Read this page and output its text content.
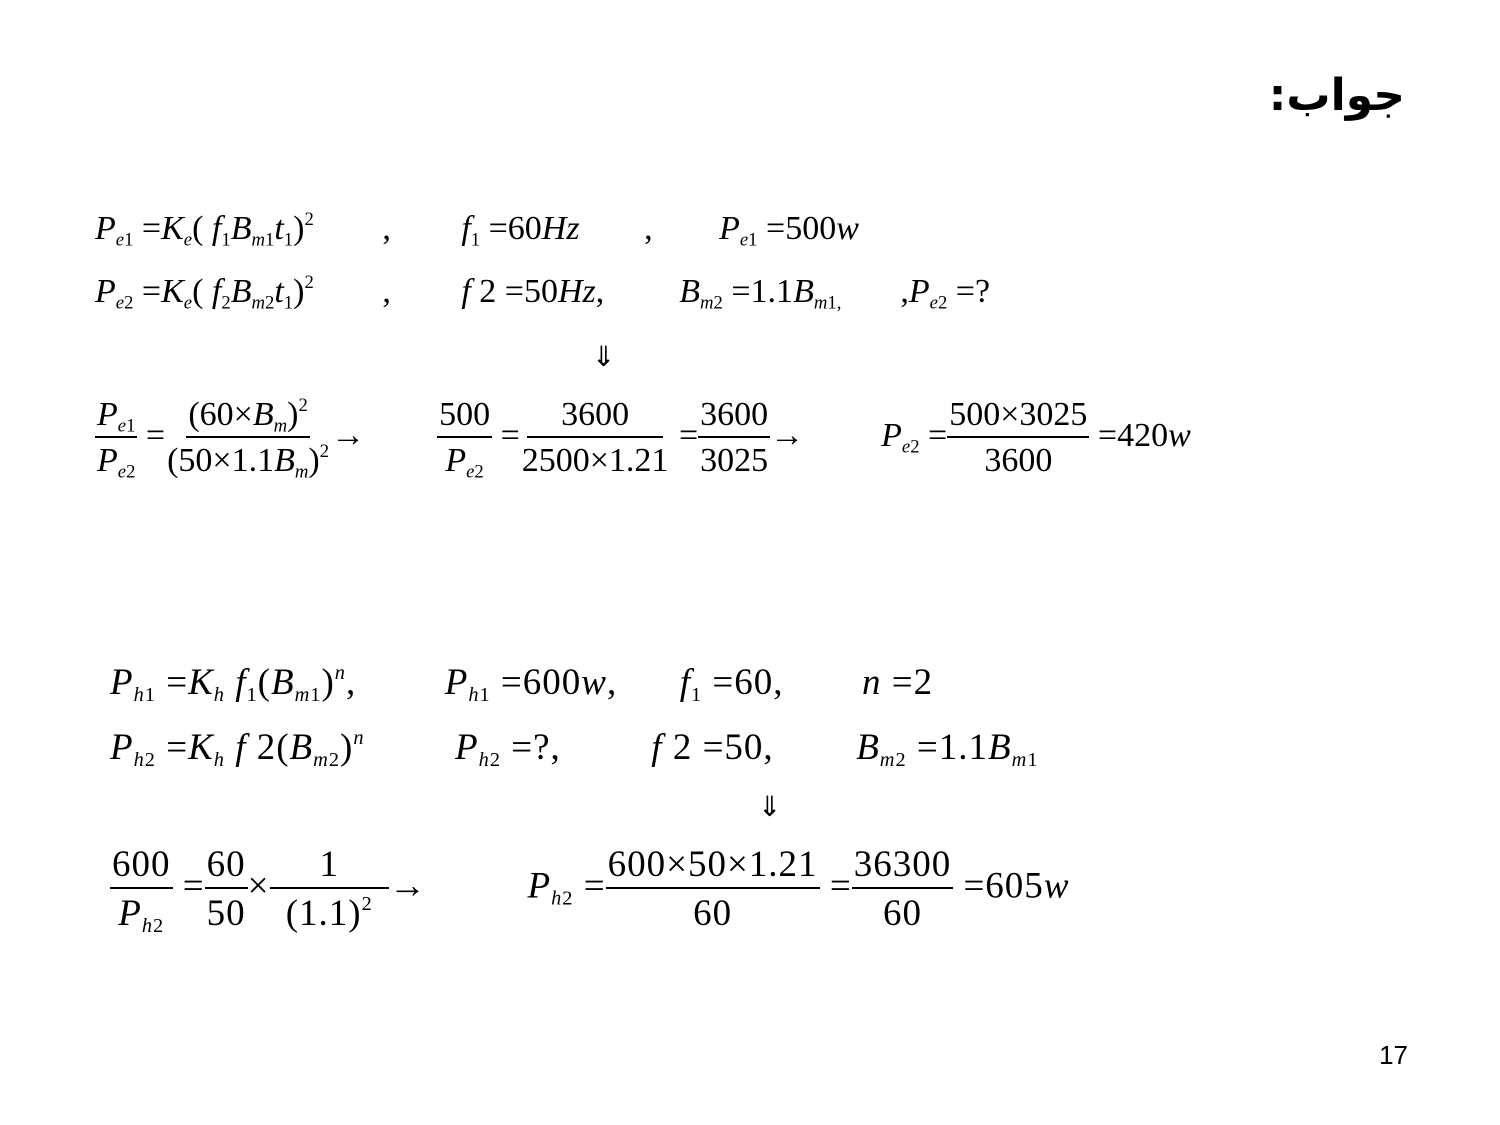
جواب:
$P_{e1} =K_e$( $f_1B_{m1}t_1)^2$ , $f_1 =60Hz$ , $P_{e1} =500w$
$P_{e2} =K_e$( $f_2B_{m2}t_1)^2$ , f 2 =50Hz,  $B_{m2} =1.1B_{m1,}$  $,P_{e2}$ =?
⇓
$\frac{P_{e1}}{P_{e2}} = \frac{(60\times B_m)^2}{(50\times 1.1B_m)^2} \to \frac{500}{P_{e2}} = \frac{3600}{2500\times 1.21} = \frac{3600}{3025} \to P_{e2} = \frac{500\times 3025}{3600} =420w$
$P_{h1} =K_h$ $f_1(B_{m1})^n$,  $P_{h1} =600w$,  $f_1 =60$,  n =2
$P_{h2} =K_h$ f $2(B_{m2})^n$ $P_{h2}$ =?,  f 2 =50,  $B_{m2} =1.1B_{m1}$
⇓
$\frac{600}{P_{h2}} = \frac{60}{50} \times \frac{1}{(1.1)^2} \to P_{h2} = \frac{600\times 50\times 1.21}{60} = \frac{36300}{60} =605w$
17
